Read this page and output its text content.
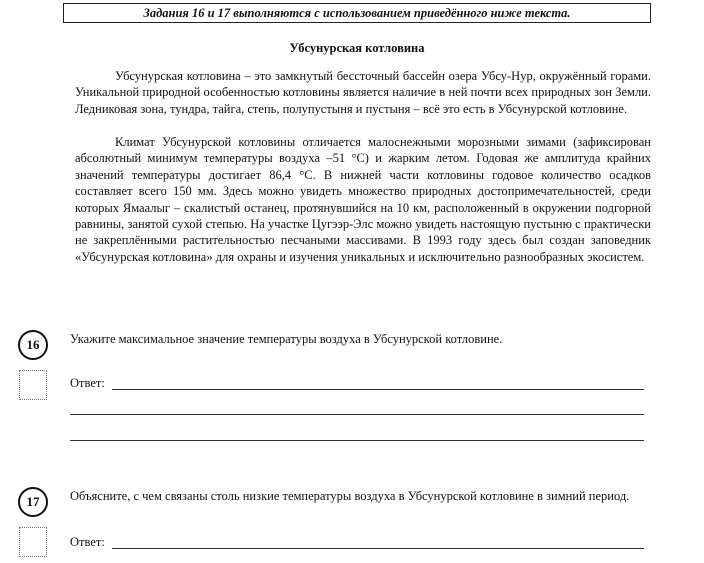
Задания 16 и 17 выполняются с использованием приведённого ниже текста.
Убсунурская котловина
Убсунурская котловина – это замкнутый бессточный бассейн озера Убсу-Нур, окружённый горами. Уникальной природной особенностью котловины является наличие в ней почти всех природных зон Земли. Ледниковая зона, тундра, тайга, степь, полупустыня и пустыня – всё это есть в Убсунурской котловине.
Климат Убсунурской котловины отличается малоснежными морозными зимами (зафиксирован абсолютный минимум температуры воздуха –51 °С) и жарким летом. Годовая же амплитуда крайних значений температуры достигает 86,4 °С. В нижней части котловины годовое количество осадков составляет всего 150 мм. Здесь можно увидеть множество природных достопримечательностей, среди которых Ямаалыг – скалистый останец, протянувшийся на 10 км, расположенный в окружении подгорной равнины, занятой сухой степью. На участке Цугээр-Элс можно увидеть настоящую пустыню с практически не закреплёнными растительностью песчаными массивами. В 1993 году здесь был создан заповедник «Убсунурская котловина» для охраны и изучения уникальных и исключительно разнообразных экосистем.
16	Укажите максимальное значение температуры воздуха в Убсунурской котловине.
Ответ:
17	Объясните, с чем связаны столь низкие температуры воздуха в Убсунурской котловине в зимний период.
Ответ:
